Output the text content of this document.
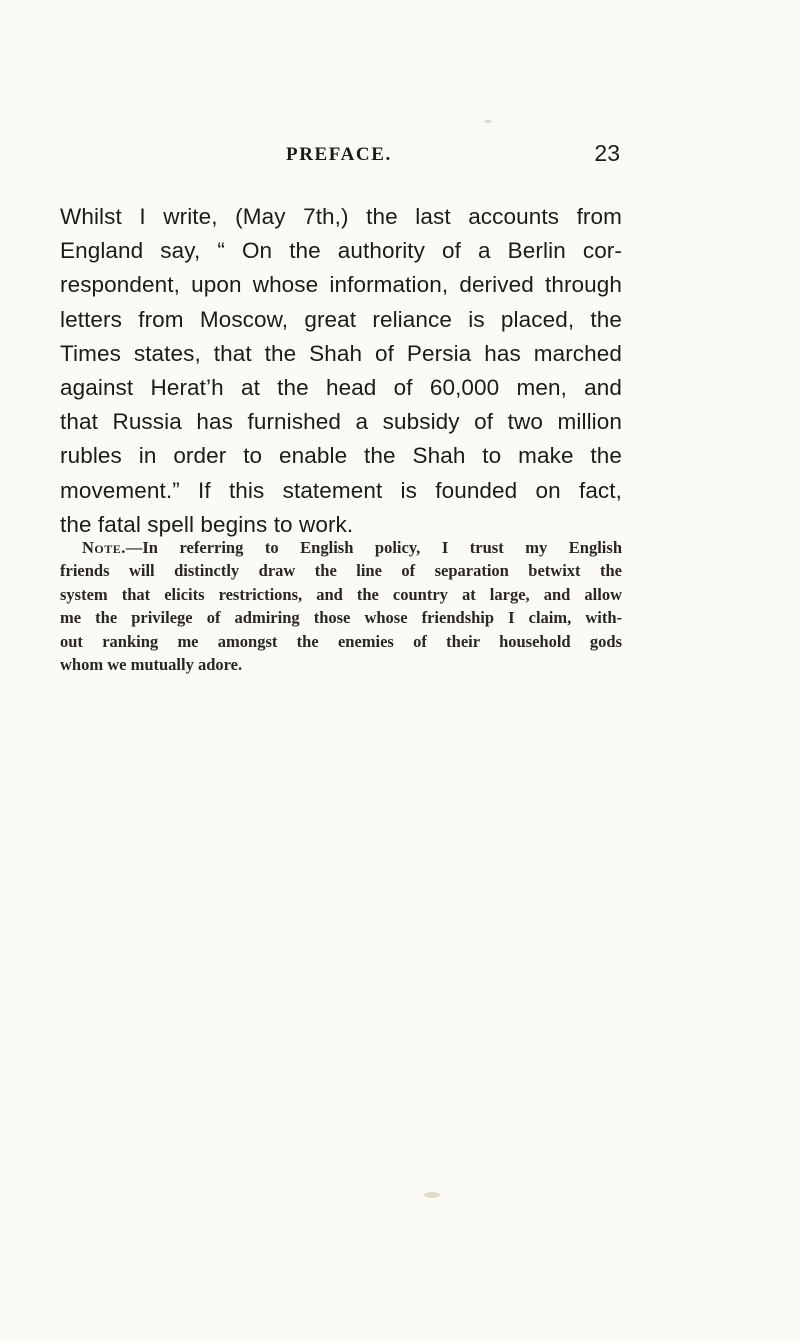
PREFACE.	23
Whilst I write, (May 7th,) the last accounts from
England say, “ On the authority of a Berlin cor-
respondent, upon whose information, derived through
letters from Moscow, great reliance is placed, the
Times states, that the Shah of Persia has marched
against Herat’h at the head of 60,000 men, and
that Russia has furnished a subsidy of two million
rubles in order to enable the Shah to make the
movement.” If this statement is founded on fact,
the fatal spell begins to work.
Note.—In referring to English policy, I trust my English
friends will distinctly draw the line of separation betwixt the
system that elicits restrictions, and the country at large, and allow
me the privilege of admiring those whose friendship I claim, with-
out ranking me amongst the enemies of their household gods
whom we mutually adore.
